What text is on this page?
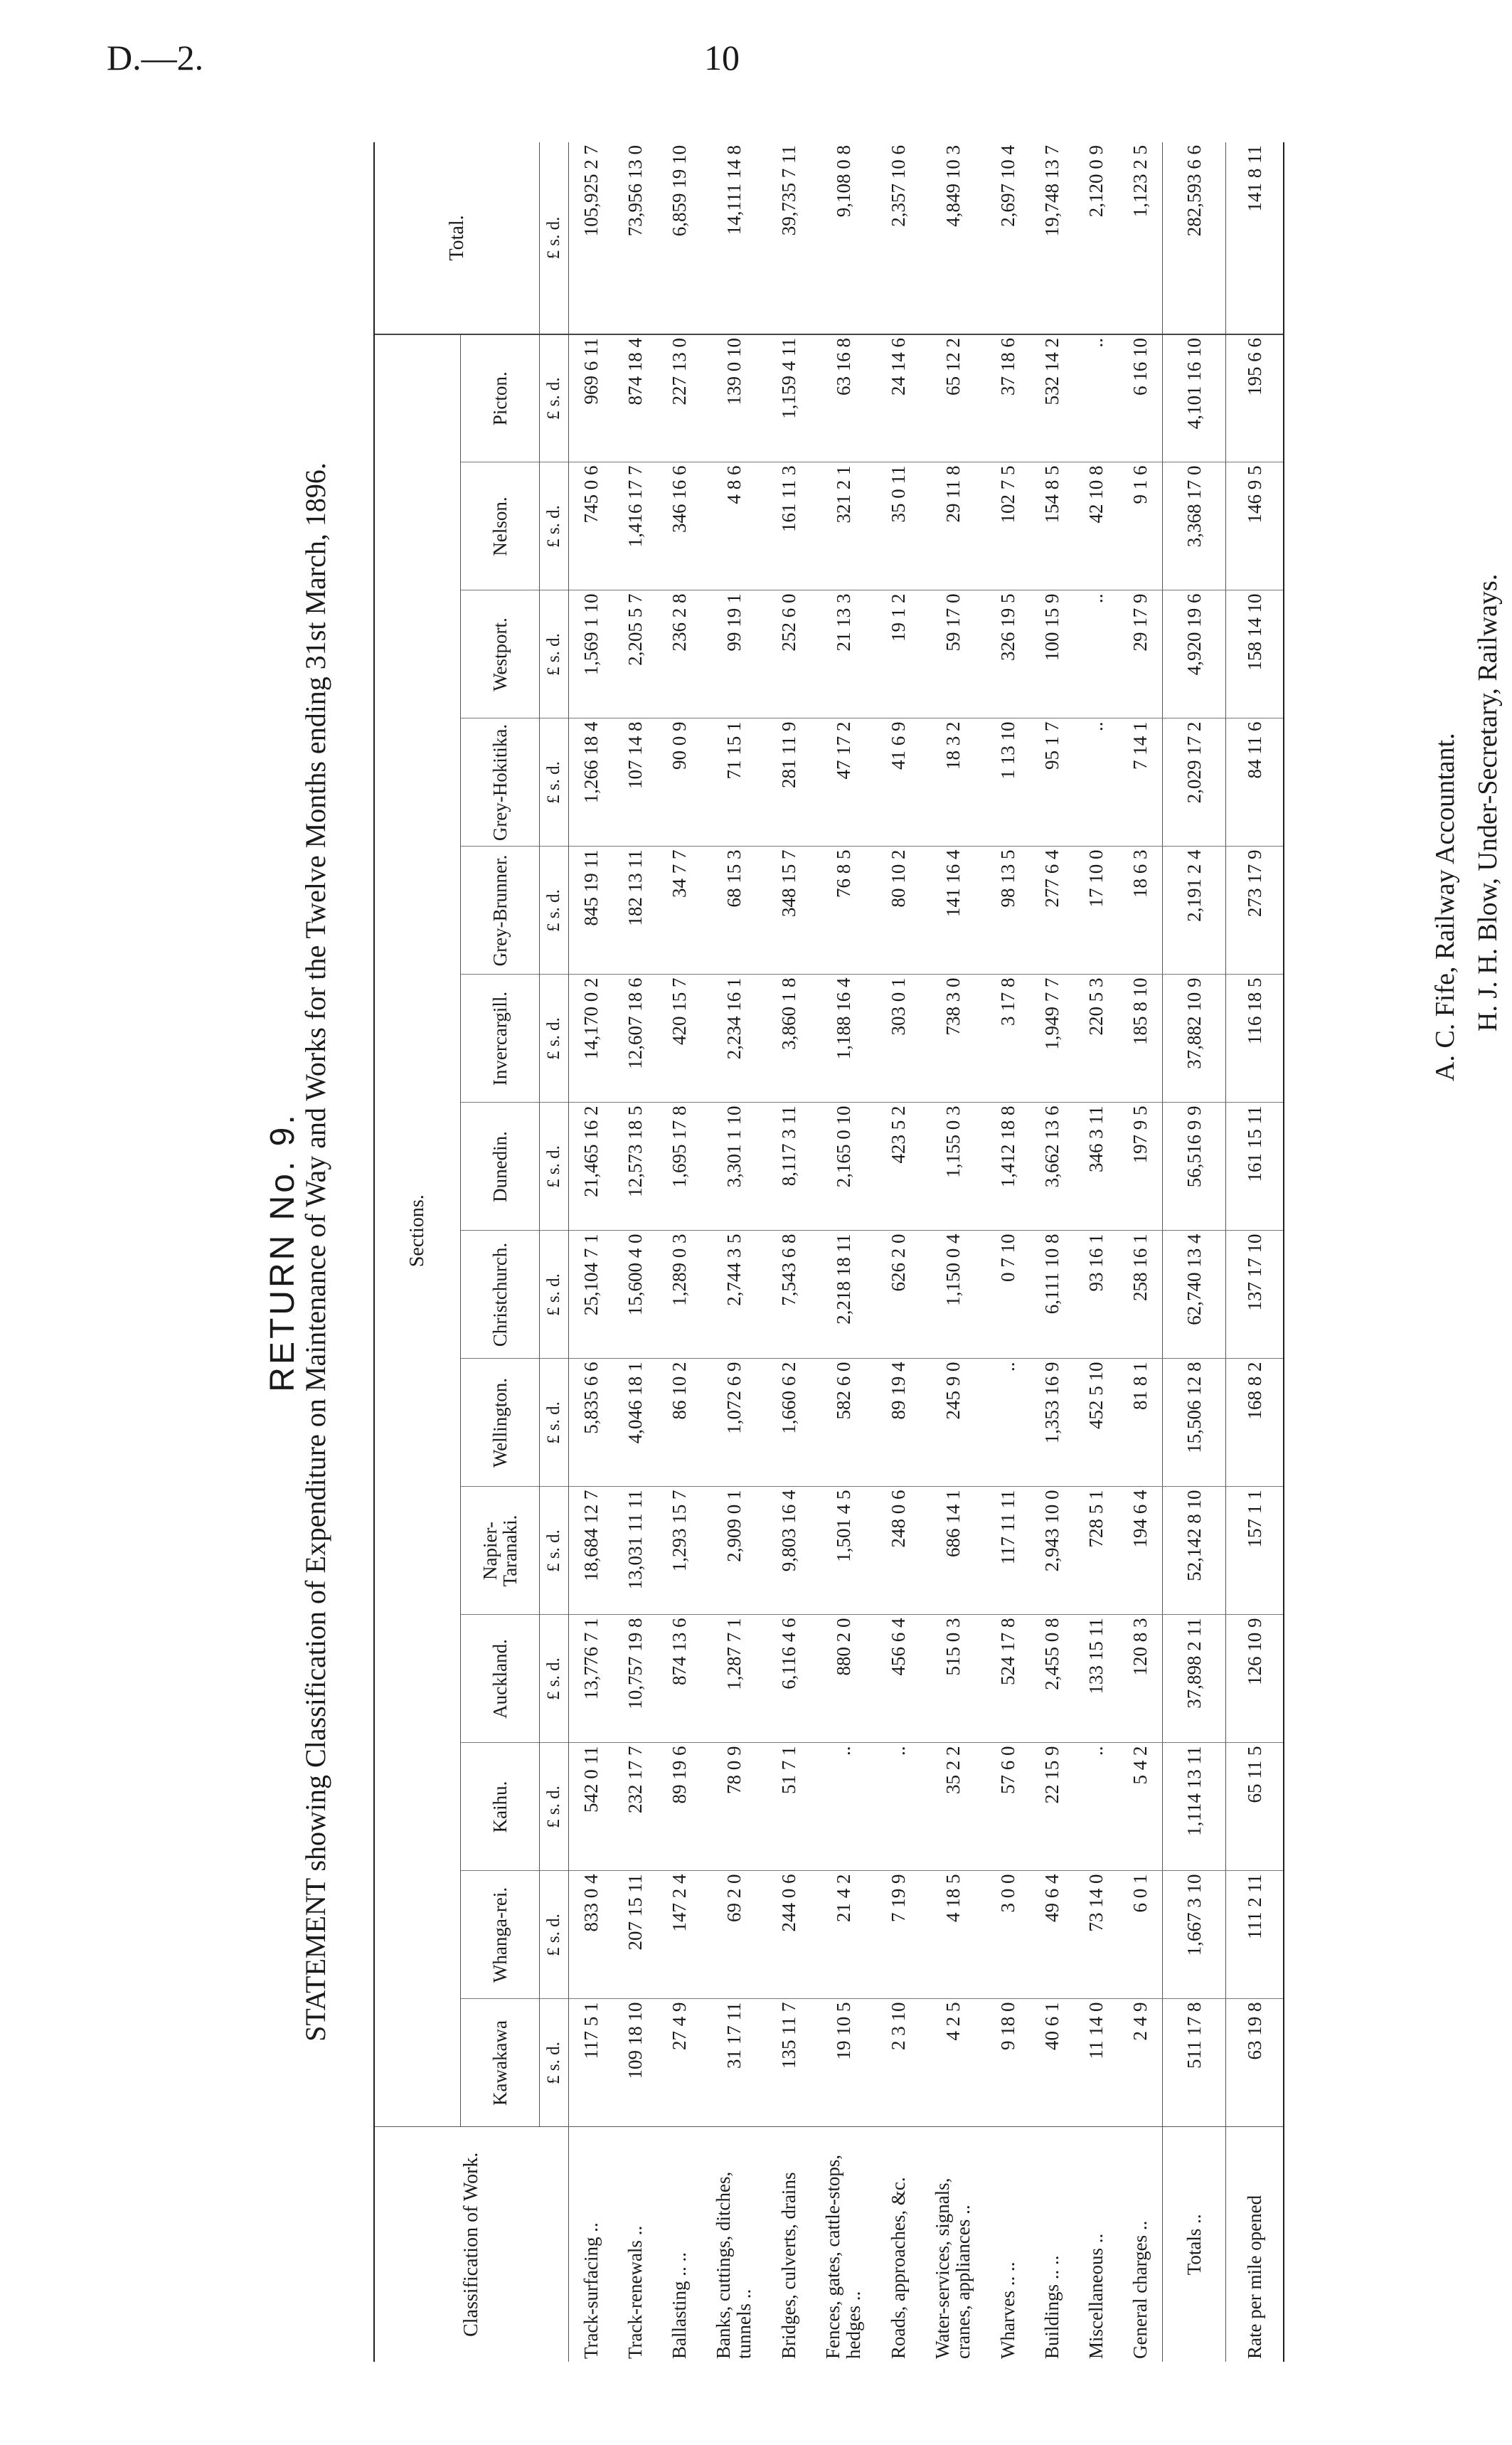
D.—2.	10
RETURN No. 9.
STATEMENT showing Classification of Expenditure on Maintenance of Way and Works for the Twelve Months ending 31st March, 1896.
Classification of Work.	Sections.														Total.
	Kawakawa	Whanga-rei.	Kaihu.	Auckland.	Napier-Taranaki.	Wellington.	Christchurch.	Dunedin.	Invercargill.	Grey-Brunner.	Grey-Hokitika.	Westport.	Nelson.	Picton.	
	£ s. d.	£ s. d.	£ s. d.	£ s. d.	£ s. d.	£ s. d.	£ s. d.	£ s. d.	£ s. d.	£ s. d.	£ s. d.	£ s. d.	£ s. d.	£ s. d.	£ s. d.
Track-surfacing ..	117 5 1	833 0 4	542 0 11	13,776 7 1	18,684 12 7	5,835 6 6	25,104 7 1	21,465 16 2	14,170 0 2	845 19 11	1,266 18 4	1,569 1 10	745 0 6	969 6 11	105,925 2 7
Track-renewals ..	109 18 10	207 15 11	232 17 7	10,757 19 8	13,031 11 11	4,046 18 1	15,600 4 0	12,573 18 5	12,607 18 6	182 13 11	107 14 8	2,205 5 7	1,416 17 7	874 18 4	73,956 13 0
Ballasting .. ..	27 4 9	147 2 4	89 19 6	874 13 6	1,293 15 7	86 10 2	1,289 0 3	1,695 17 8	420 15 7	34 7 7	90 0 9	236 2 8	346 16 6	227 13 0	6,859 19 10
Banks, cuttings, ditches, tunnels ..	31 17 11	69 2 0	78 0 9	1,287 7 1	2,909 0 1	1,072 6 9	2,744 3 5	3,301 1 10	2,234 16 1	68 15 3	71 15 1	99 19 1	4 8 6	139 0 10	14,111 14 8
Bridges, culverts, drains	135 11 7	244 0 6	51 7 1	6,116 4 6	9,803 16 4	1,660 6 2	7,543 6 8	8,117 3 11	3,860 1 8	348 15 7	281 11 9	252 6 0	161 11 3	1,159 4 11	39,735 7 11
Fences, gates, cattle-stops, hedges ..	19 10 5	21 4 2	..	880 2 0	1,501 4 5	582 6 0	2,218 18 11	2,165 0 10	1,188 16 4	76 8 5	47 17 2	21 13 3	321 2 1	63 16 8	9,108 0 8
Roads, approaches, &c.	2 3 10	7 19 9	..	456 6 4	248 0 6	89 19 4	626 2 0	423 5 2	303 0 1	80 10 2	41 6 9	19 1 2	35 0 11	24 14 6	2,357 10 6
Water-services, signals, cranes, appliances ..	4 2 5	4 18 5	35 2 2	515 0 3	686 14 1	245 9 0	1,150 0 4	1,155 0 3	738 3 0	141 16 4	18 3 2	59 17 0	29 11 8	65 12 2	4,849 10 3
Wharves .. ..	9 18 0	3 0 0	57 6 0	524 17 8	117 11 11	..	0 7 10	1,412 18 8	3 17 8	98 13 5	1 13 10	326 19 5	102 7 5	37 18 6	2,697 10 4
Buildings .. ..	40 6 1	49 6 4	22 15 9	2,455 0 8	2,943 10 0	1,353 16 9	6,111 10 8	3,662 13 6	1,949 7 7	277 6 4	95 1 7	100 15 9	154 8 5	532 14 2	19,748 13 7
Miscellaneous ..	11 14 0	73 14 0	..	133 15 11	728 5 1	452 5 10	93 16 1	346 3 11	220 5 3	17 10 0	..	..	42 10 8	..	2,120 0 9
General charges ..	2 4 9	6 0 1	5 4 2	120 8 3	194 6 4	81 8 1	258 16 1	197 9 5	185 8 10	18 6 3	7 14 1	29 17 9	9 1 6	6 16 10	1,123 2 5
Totals ..	511 17 8	1,667 3 10	1,114 13 11	37,898 2 11	52,142 8 10	15,506 12 8	62,740 13 4	56,516 9 9	37,882 10 9	2,191 2 4	2,029 17 2	4,920 19 6	3,368 17 0	4,101 16 10	282,593 6 6
Rate per mile opened	63 19 8	111 2 11	65 11 5	126 10 9	157 1 1	168 8 2	137 17 10	161 15 11	116 18 5	273 17 9	84 11 6	158 14 10	146 9 5	195 6 6	141 8 11
A. C. Fife, Railway Accountant. H. J. H. Blow, Under-Secretary, Railways.
